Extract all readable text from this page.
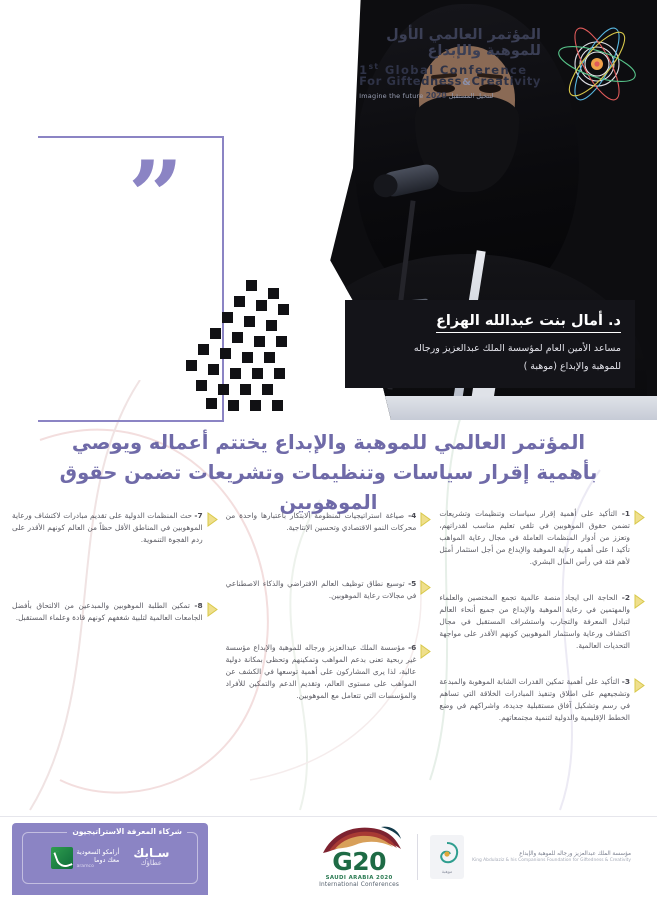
المؤتمر العالمي الأول
للموهبة والإبداع
1st Global Conference
For Giftedness&Creativity
Imagine the future	لنتخيل المستقبل 2020
”
د. أمال بنت عبدالله الهزاع
مساعد الأمين العام لمؤسسة الملك عبدالعزيز ورجاله
للموهبة والإبداع (موهبة )
المؤتمر العالمي للموهبة والإبداع يختتم أعماله ويوصي
بأهمية إقرار سياسات وتنظيمات وتشريعات تضمن حقوق
الموهوبين	1- التأكيد على أهمية إقرار سياسات وتنظيمات وتشريعات تضمن حقوق الموهوبين في تلقي تعليم مناسب لقدراتهم، وتعزز من أدوار المنظمات العاملة في مجال رعاية المواهب تأكيد ا على أهمية رعاية الموهبة والإبداع من أجل استثمار أمثل لأهم فئة في رأس المال البشري.
2- الحاجة الى ايجاد منصة عالمية تجمع المختصين والعلماء والمهتمين في رعاية الموهبة والإبداع من جميع أنحاء العالم لتبادل المعرفة والتجارب واستشراف المستقبل في مجال اكتشاف ورعاية واستثمار الموهوبين كونهم الأقدر على مواجهة التحديات العالمية.
3- التأكيد على أهمية تمكين القدرات الشابة الموهوبة والمبدعة وتشجيعهم على اطلاق وتنفيذ المبادرات الخلاقة التي تساهم في رسم وتشكيل آفاق مستقبلية جديدة، واشراكهم في وضع الخطط الإقليمية والدولية لتنمية مجتمعاتهم.
4- صياغة استراتيجيات لمنظومة الابتكار باعتبارها واحدة من محركات النمو الاقتصادي وتحسين الإنتاجية.
5- توسيع نطاق توظيف العالم الافتراضي والذكاء الاصطناعي في مجالات رعاية الموهوبين.
6- مؤسسة الملك عبدالعزيز ورجاله للموهبة والإبداع مؤسسة غير ربحية تعنى بدعم المواهب وتمكينهم وتحظى بمكانة دولية عالية، لذا يرى المشاركون على أهمية توسعها في الكشف عن المواهب على مستوى العالم، وتقديم الدعم والتمكين للأفراد والمؤسسات التي تتعامل مع الموهوبين.
7- حث المنظمات الدولية على تقديم مبادرات لاكتشاف ورعاية الموهوبين في المناطق الأقل حظاً من العالم كونهم الأقدر على ردم الفجوة التنموية.
8- تمكين الطلبة الموهوبين والمبدعين من الالتحاق بأفضل الجامعات العالمية لتلبية شغفهم كونهم قادة وعلماء المستقبل.
مؤسسة الملك عبدالعزيز ورجاله للموهبة والإبداع
King Abdulaziz & his Companions Foundation for Giftedness & Creativity
موهبة
G20
SAUDI ARABIA 2020
International Conferences
شركاء المعرفة الاستراتيجيون
سـابك
عطاؤك
أرامكو السعودية
معك دوما
aramco
